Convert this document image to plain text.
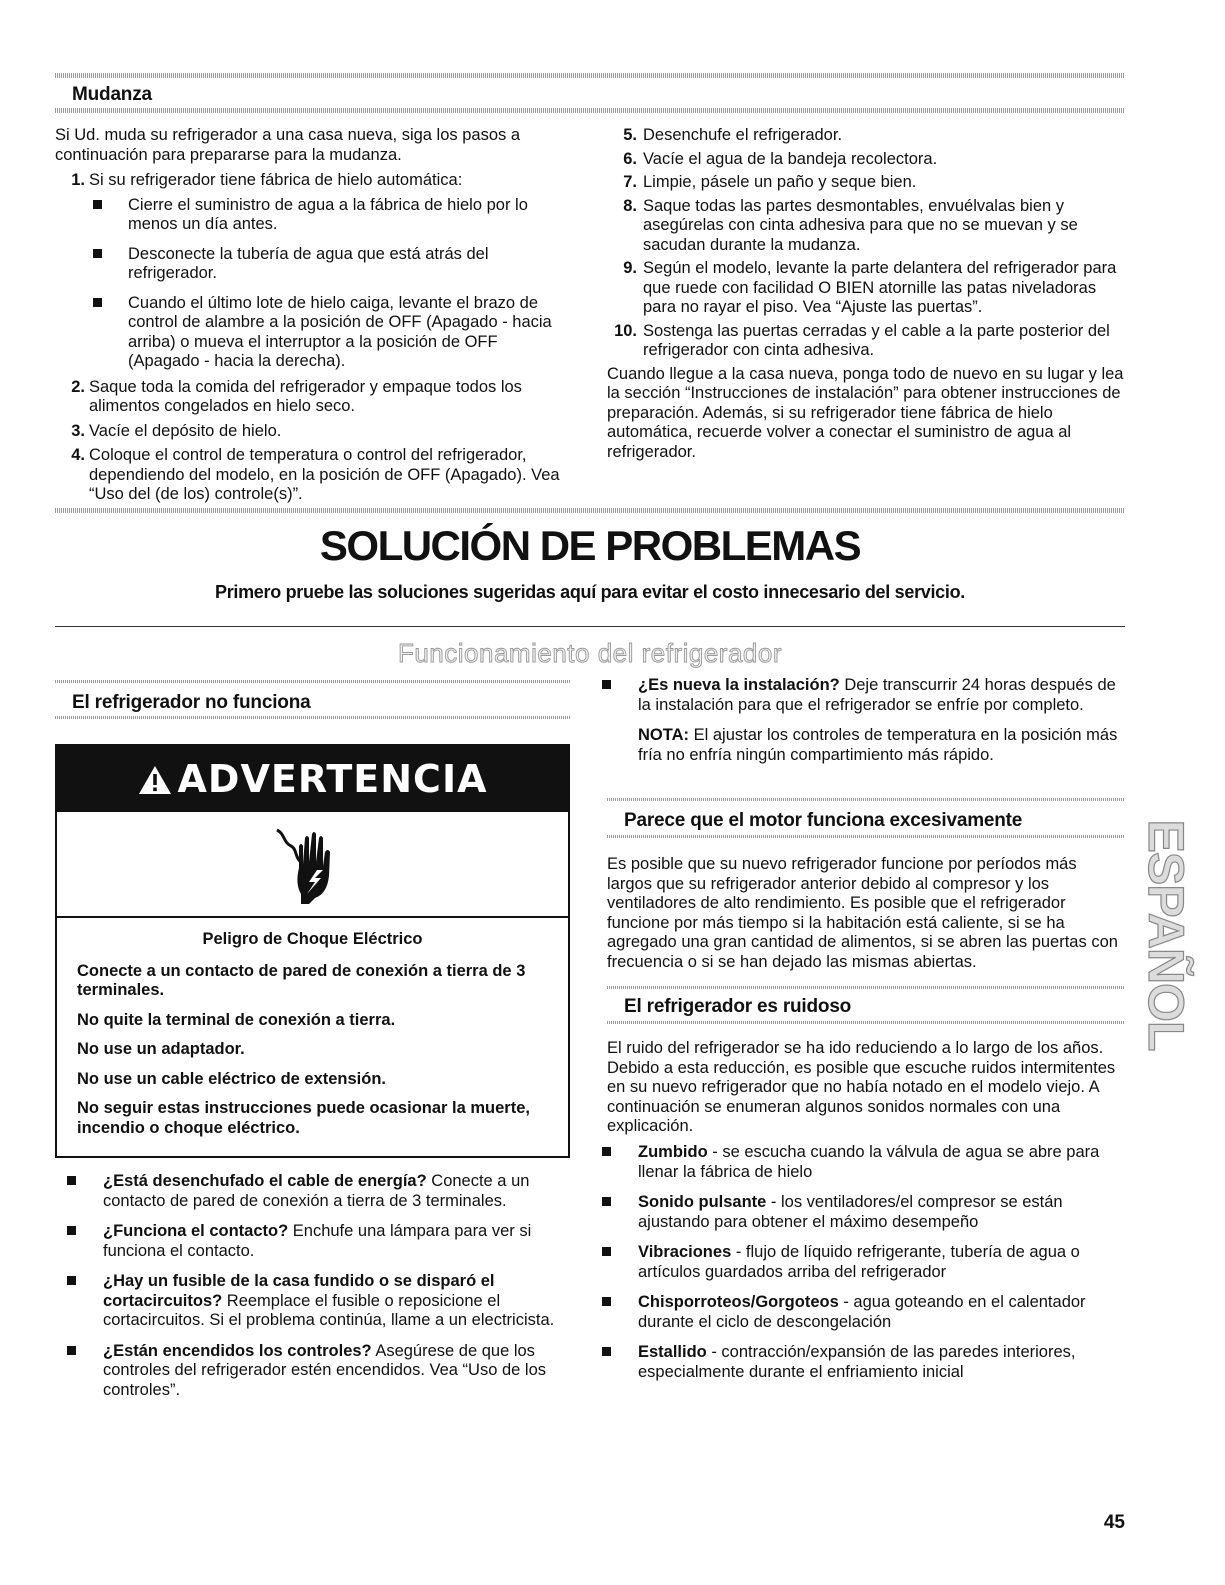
Mudanza

Si Ud. muda su refrigerador a una casa nueva, siga los pasos a continuación para prepararse para la mudanza.

1. Si su refrigerador tiene fábrica de hielo automática:
Cierre el suministro de agua a la fábrica de hielo por lo menos un día antes.
Desconecte la tubería de agua que está atrás del refrigerador.
Cuando el último lote de hielo caiga, levante el brazo de control de alambre a la posición de OFF (Apagado - hacia arriba) o mueva el interruptor a la posición de OFF (Apagado - hacia la derecha).
2. Saque toda la comida del refrigerador y empaque todos los alimentos congelados en hielo seco.
3. Vacíe el depósito de hielo.
4. Coloque el control de temperatura o control del refrigerador, dependiendo del modelo, en la posición de OFF (Apagado). Vea “Uso del (de los) controle(s)”.
5. Desenchufe el refrigerador.
6. Vacíe el agua de la bandeja recolectora.
7. Limpie, pásele un paño y seque bien.
8. Saque todas las partes desmontables, envuélvalas bien y asegúrelas con cinta adhesiva para que no se muevan y se sacudan durante la mudanza.
9. Según el modelo, levante la parte delantera del refrigerador para que ruede con facilidad O BIEN atornille las patas niveladoras para no rayar el piso. Vea “Ajuste las puertas”.
10. Sostenga las puertas cerradas y el cable a la parte posterior del refrigerador con cinta adhesiva.

Cuando llegue a la casa nueva, ponga todo de nuevo en su lugar y lea la sección “Instrucciones de instalación” para obtener instrucciones de preparación. Además, si su refrigerador tiene fábrica de hielo automática, recuerde volver a conectar el suministro de agua al refrigerador.

SOLUCIÓN DE PROBLEMAS
Primero pruebe las soluciones sugeridas aquí para evitar el costo innecesario del servicio.
Funcionamiento del refrigerador
El refrigerador no funciona
ADVERTENCIA
Peligro de Choque Eléctrico
Conecte a un contacto de pared de conexión a tierra de 3 terminales.
No quite la terminal de conexión a tierra.
No use un adaptador.
No use un cable eléctrico de extensión.
No seguir estas instrucciones puede ocasionar la muerte, incendio o choque eléctrico.
¿Está desenchufado el cable de energía? Conecte a un contacto de pared de conexión a tierra de 3 terminales.
¿Funciona el contacto? Enchufe una lámpara para ver si funciona el contacto.
¿Hay un fusible de la casa fundido o se disparó el cortacircuitos? Reemplace el fusible o reposicione el cortacircuitos. Si el problema continúa, llame a un electricista.
¿Están encendidos los controles? Asegúrese de que los controles del refrigerador estén encendidos. Vea “Uso de los controles”.
¿Es nueva la instalación? Deje transcurrir 24 horas después de la instalación para que el refrigerador se enfríe por completo.
NOTA: El ajustar los controles de temperatura en la posición más fría no enfría ningún compartimiento más rápido.
Parece que el motor funciona excesivamente

Es posible que su nuevo refrigerador funcione por períodos más largos que su refrigerador anterior debido al compresor y los ventiladores de alto rendimiento. Es posible que el refrigerador funcione por más tiempo si la habitación está caliente, si se ha agregado una gran cantidad de alimentos, si se abren las puertas con frecuencia o si se han dejado las mismas abiertas.

El refrigerador es ruidoso

El ruido del refrigerador se ha ido reduciendo a lo largo de los años. Debido a esta reducción, es posible que escuche ruidos intermitentes en su nuevo refrigerador que no había notado en el modelo viejo. A continuación se enumeran algunos sonidos normales con una explicación.

Zumbido - se escucha cuando la válvula de agua se abre para llenar la fábrica de hielo
Sonido pulsante - los ventiladores/el compresor se están ajustando para obtener el máximo desempeño
Vibraciones - flujo de líquido refrigerante, tubería de agua o artículos guardados arriba del refrigerador
Chisporroteos/Gorgoteos - agua goteando en el calentador durante el ciclo de descongelación
Estallido - contracción/expansión de las paredes interiores, especialmente durante el enfriamiento inicial
ESPAÑOL
45
